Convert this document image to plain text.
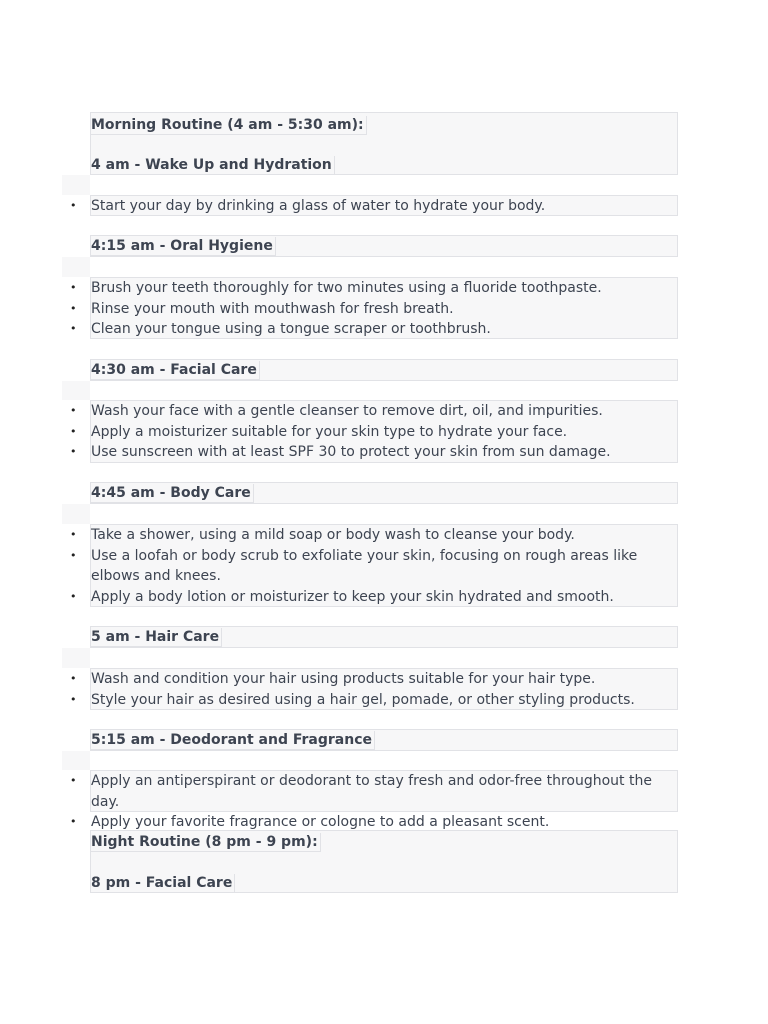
Morning Routine (4 am - 5:30 am):
4 am - Wake Up and Hydration
• Start your day by drinking a glass of water to hydrate your body.
4:15 am - Oral Hygiene
• Brush your teeth thoroughly for two minutes using a fluoride toothpaste.
• Rinse your mouth with mouthwash for fresh breath.
• Clean your tongue using a tongue scraper or toothbrush.
4:30 am - Facial Care
• Wash your face with a gentle cleanser to remove dirt, oil, and impurities.
• Apply a moisturizer suitable for your skin type to hydrate your face.
• Use sunscreen with at least SPF 30 to protect your skin from sun damage.
4:45 am - Body Care
• Take a shower, using a mild soap or body wash to cleanse your body.
• Use a loofah or body scrub to exfoliate your skin, focusing on rough areas like elbows and knees.
• Apply a body lotion or moisturizer to keep your skin hydrated and smooth.
5 am - Hair Care
• Wash and condition your hair using products suitable for your hair type.
• Style your hair as desired using a hair gel, pomade, or other styling products.
5:15 am - Deodorant and Fragrance
• Apply an antiperspirant or deodorant to stay fresh and odor-free throughout the day.
• Apply your favorite fragrance or cologne to add a pleasant scent.
Night Routine (8 pm - 9 pm):
8 pm - Facial Care
